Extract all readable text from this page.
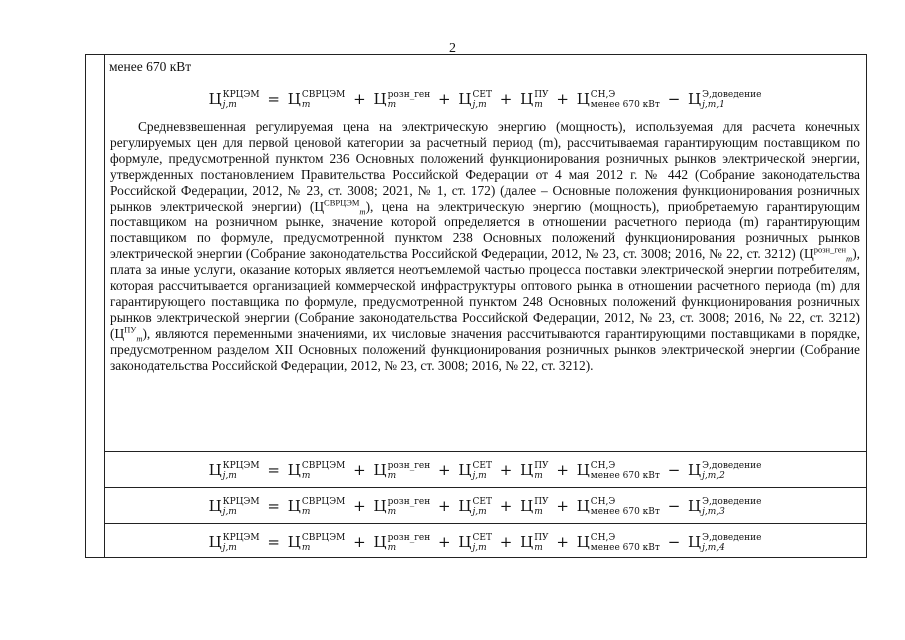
2
менее 670 кВт
Ц КРЦЭМ
j,m	= Ц СВРЦЭМ
m	+ Ц розн_ген
m	+ Ц СЕТ
j,m + Ц ПУ
m + Ц СН,Э
менее 670 кВт − Ц Э,доведение
j,m,1
Средневзвешенная регулируемая цена на электрическую энергию (мощность), используемая для расчета конечных регулируемых цен для первой ценовой категории за расчетный период (m), рассчитываемая гарантирующим поставщиком по формуле, предусмотренной пунктом 236 Основных положений функционирования розничных рынков электрической энергии, утвержденных постановлением Правительства Российской Федерации от 4 мая 2012 г. № 442 (Собрание законодательства Российской Федерации, 2012, № 23, ст. 3008; 2021, № 1, ст. 172) (далее – Основные положения функционирования розничных рынков электрической энергии) $(Ц^{СВРЦЭМ}_m)$, цена на электрическую энергию (мощность), приобретаемую гарантирующим поставщиком на розничном рынке, значение которой определяется в отношении расчетного периода (m) гарантирующим поставщиком по формуле, предусмотренной пунктом 238 Основных положений функционирования розничных рынков электрической энергии (Собрание законодательства Российской Федерации, 2012, № 23, ст. 3008; 2016, № 22, ст. 3212) $(Ц^{розн\_ген}_m)$, плата за иные услуги, оказание которых является неотъемлемой частью процесса поставки электрической энергии потребителям, которая рассчитывается организацией коммерческой инфраструктуры оптового рынка в отношении расчетного периода (m) для гарантирующего поставщика по формуле, предусмотренной пунктом 248 Основных положений функционирования розничных рынков электрической энергии (Собрание законодательства Российской Федерации, 2012, № 23, ст. 3008; 2016, № 22, ст. 3212) $(Ц^{ПУ}_m)$, являются переменными значениями, их числовые значения рассчитываются гарантирующими поставщиками в порядке, предусмотренном разделом XII Основных положений функционирования розничных рынков электрической энергии (Собрание законодательства Российской Федерации, 2012, № 23, ст. 3008; 2016, № 22, ст. 3212).
Ц КРЦЭМ
j,m	= Ц СВРЦЭМ
m	+ Ц розн_ген
m	+ Ц СЕТ
j,m + Ц ПУ
m + Ц СН,Э
менее 670 кВт − Ц Э,доведение
j,m,2
Ц КРЦЭМ
j,m	= Ц СВРЦЭМ
m	+ Ц розн_ген
m	+ Ц СЕТ
j,m + Ц ПУ
m + Ц СН,Э
менее 670 кВт − Ц Э,доведение
j,m,3
Ц КРЦЭМ
j,m	= Ц СВРЦЭМ
m	+ Ц розн_ген
m	+ Ц СЕТ
j,m + Ц ПУ
m + Ц СН,Э
менее 670 кВт − Ц Э,доведение
j,m,4
